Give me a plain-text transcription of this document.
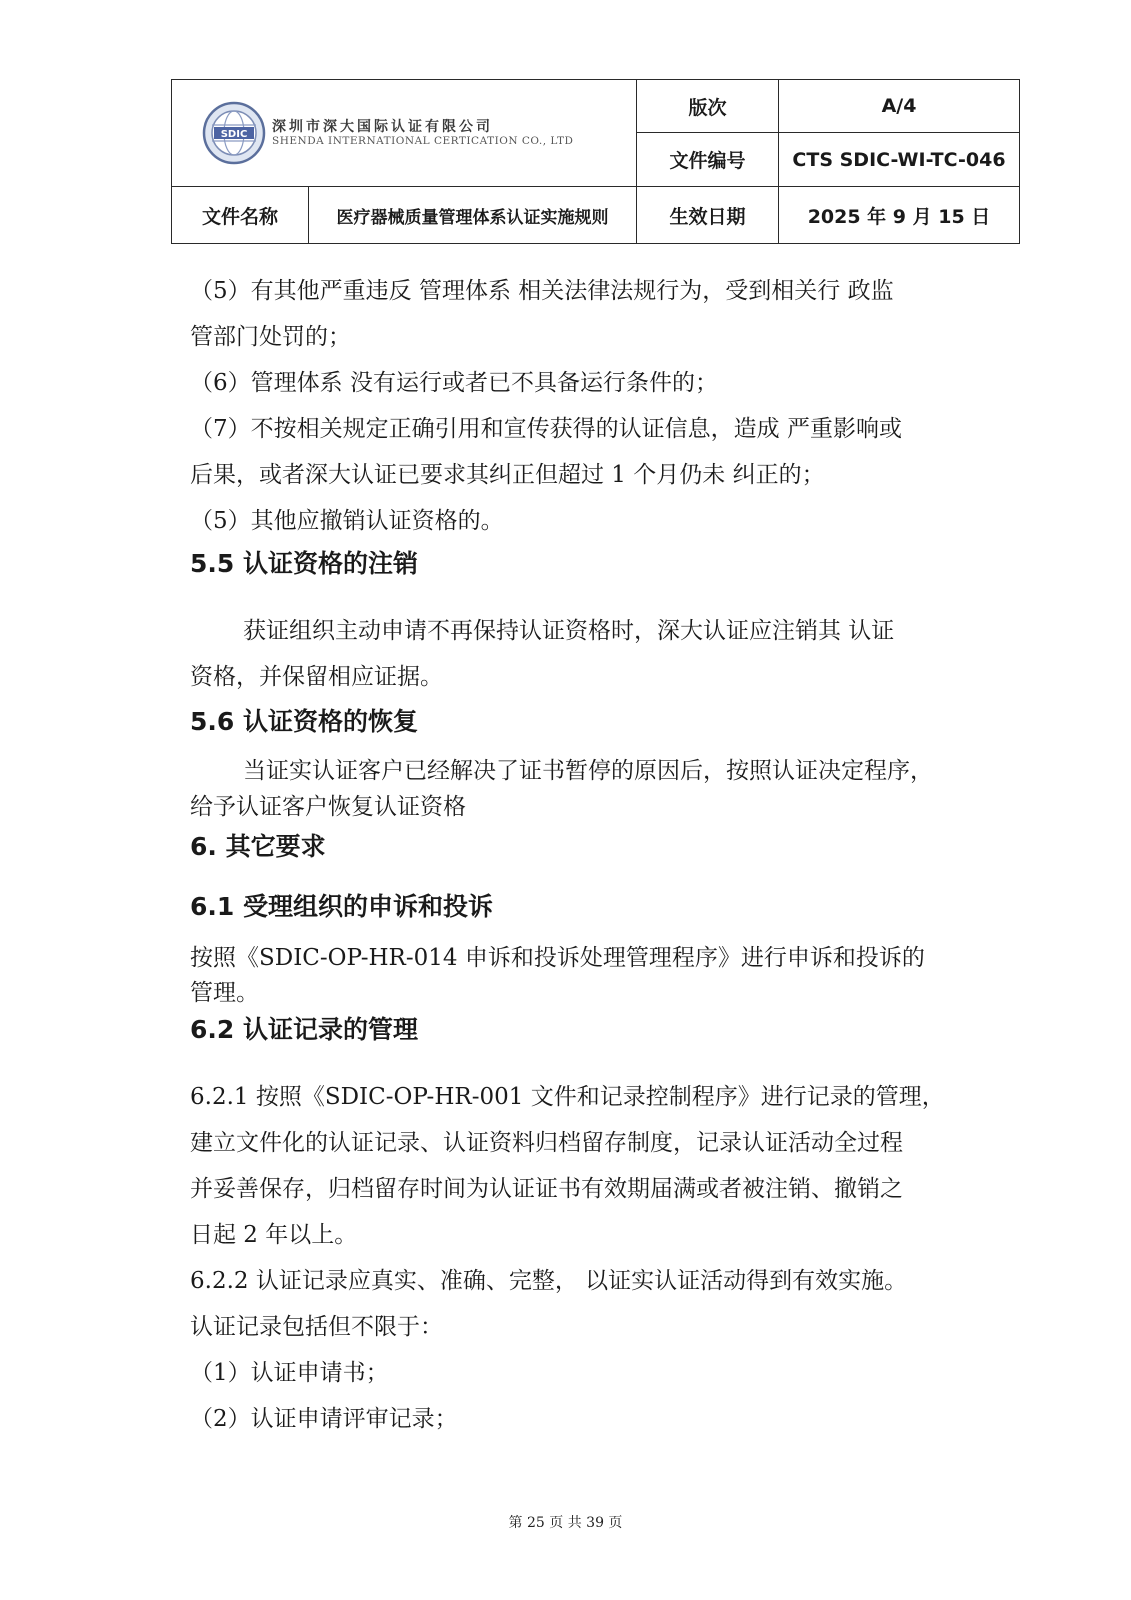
SDIC 深圳市深大国际认证有限公司
SHENDA INTERNATIONAL CERTICATION CO., LTD		版次	A/4
		文件编号	CTS SDIC-WI-TC-046
文件名称	医疗器械质量管理体系认证实施规则	生效日期	2025 年 9 月 15 日

（5）有其他严重违反 管理体系 相关法律法规行为，受到相关行 政监

管部门处罚的；

（6）管理体系 没有运行或者已不具备运行条件的；

（7）不按相关规定正确引用和宣传获得的认证信息，造成 严重影响或

后果，或者深大认证已要求其纠正但超过 1 个月仍未 纠正的；

（5）其他应撤销认证资格的。

5.5 认证资格的注销

获证组织主动申请不再保持认证资格时，深大认证应注销其 认证

资格，并保留相应证据。

5.6 认证资格的恢复

当证实认证客户已经解决了证书暂停的原因后，按照认证决定程序，

给予认证客户恢复认证资格

6. 其它要求

6.1 受理组织的申诉和投诉

按照《SDIC-OP-HR-014 申诉和投诉处理管理程序》进行申诉和投诉的

管理。

6.2 认证记录的管理

6.2.1 按照《SDIC-OP-HR-001 文件和记录控制程序》进行记录的管理，

建立文件化的认证记录、认证资料归档留存制度，记录认证活动全过程

并妥善保存，归档留存时间为认证证书有效期届满或者被注销、撤销之

日起 2 年以上。

6.2.2 认证记录应真实、准确、完整， 以证实认证活动得到有效实施。

认证记录包括但不限于：

（1）认证申请书；

（2）认证申请评审记录；

第 25 页 共 39 页
